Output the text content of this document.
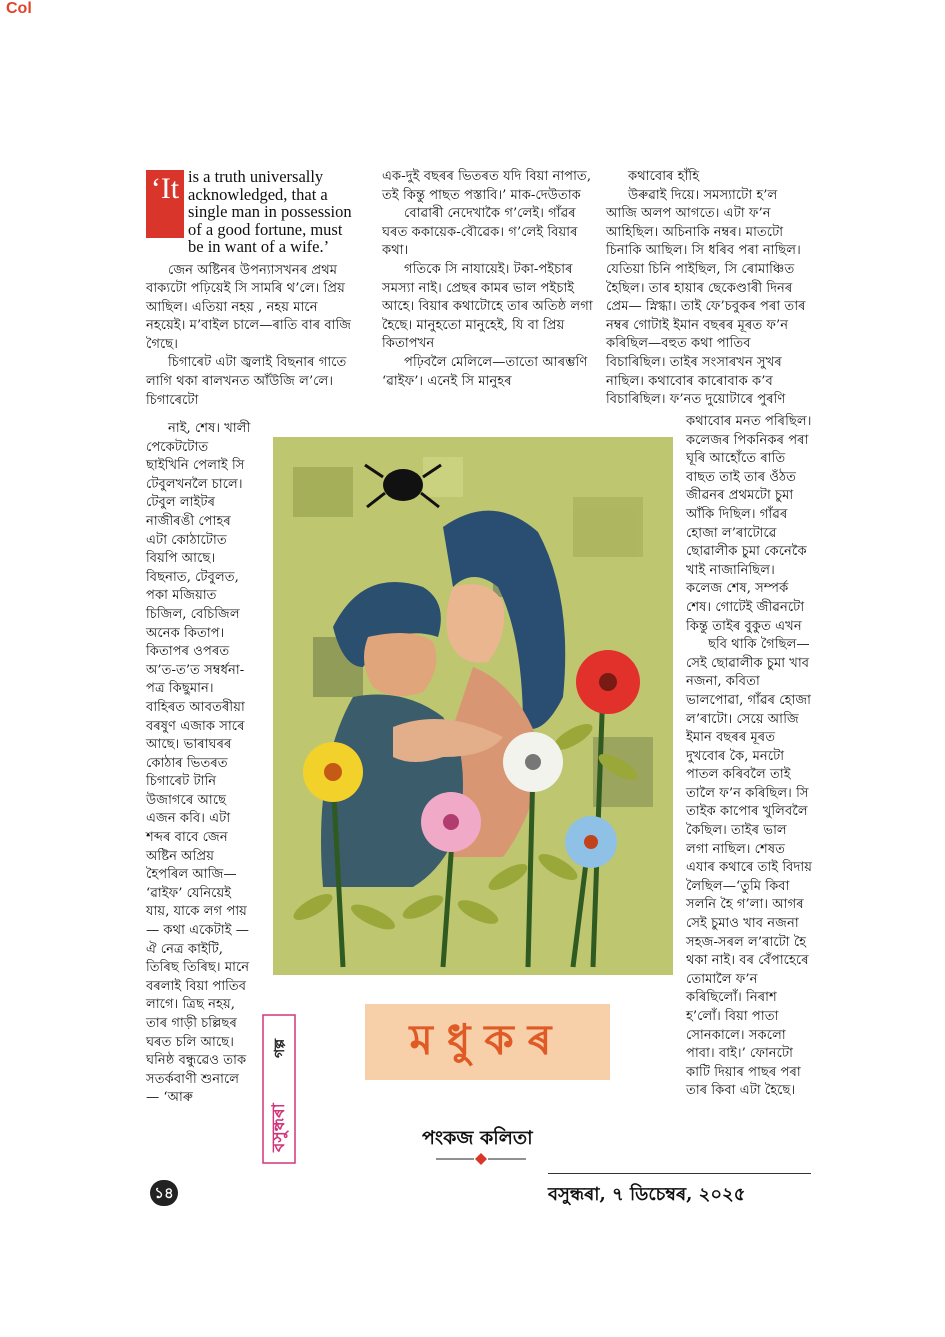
Col
‘It is a truth universally acknowledged, that a single man in possession of a good fortune, must be in want of a wife.’

জেন অষ্টিনৰ উপন্যাসখনৰ প্ৰথম বাক্যটো পঢ়িয়েই সি সামৰি থ’লে। প্ৰিয় আছিল। এতিয়া নহয় , নহয় মানে নহয়েই। ম’বাইল চালে—ৰাতি বাৰ বাজি গৈছে।

চিগাৰেট এটা জ্বলাই বিছনাৰ গাতে লাগি থকা ৰালখনত আঁউজি ল’লে। চিগাৰেটো

নাই, শেষ। খালী পেকেটটোত ছাইখিনি পেলাই সি টেবুলখনলৈ চালে। টেবুল লাইটৰ নাজীৰঙী পোহৰ এটা কোঠাটোত বিয়পি আছে। বিছনাত, টেবুলত, পকা মজিয়াত চিজিল, বেচিজিল অনেক কিতাপ। কিতাপৰ ওপৰত অ’ত-ত’ত সম্বৰ্ধনা-পত্ৰ কিছুমান। বাহিৰত আবতৰীয়া বৰষুণ এজাক সাৰে আছে। ভাৰাঘৰৰ কোঠাৰ ভিতৰত চিগাৰেট টানি উজাগৰে আছে এজন কবি। এটা শব্দৰ বাবে জেন অষ্টিন অপ্ৰিয় হৈপৰিল আজি— ‘ৱাইফ’ যেনিয়েই যায়, যাকে লগ পায়— কথা একেটাই — ঐ নেত্ৰ কাইটি, তিৰিছ তিৰিছ। মানে বৰলাই বিয়া পাতিব লাগে। ত্ৰিছ নহয়, তাৰ গাড়ী চল্লিছৰ ঘৰত চলি আছে। ঘনিষ্ঠ বন্ধুৱেও তাক সতৰ্কবাণী শুনালে— ‘আৰু

এক-দুই বছৰৰ ভিতৰত যদি বিয়া নাপাত, তই কিন্তু পাছত পস্তাবি।’ মাক-দেউতাক

বোৱাৰী নেদেখাকৈ গ’লেই। গাঁৱৰ ঘৰত ককায়েক-বৌৱেক। গ’লেই বিয়াৰ কথা।

গতিকে সি নাযায়েই। টকা-পইচাৰ সমস্যা নাই। প্ৰেছৰ কামৰ ভাল পইচাই আহে। বিয়াৰ কথাটোহে তাৰ অতিষ্ঠ লগা হৈছে। মানুহতো মানুহেই, যি বা প্ৰিয় কিতাপখন

পঢ়িবলৈ মেলিলে—তাতো আৰম্ভণি ‘ৱাইফ’। এনেই সি মানুহৰ

কথাবোৰ হাঁহি

উৰুৱাই দিয়ে। সমস্যাটো হ’ল আজি অলপ আগতে। এটা ফ’ন আহিছিল। অচিনাকি নম্বৰ। মাতটো চিনাকি আছিল। সি ধৰিব পৰা নাছিল। যেতিয়া চিনি পাইছিল, সি ৰোমাঞ্চিত হৈছিল। তাৰ হায়াৰ ছেকেণ্ডাৰী দিনৰ প্ৰেম— স্নিগ্ধা। তাই ফে’চবুকৰ পৰা তাৰ নম্বৰ গোটাই ইমান বছৰৰ মূৰত ফ’ন কৰিছিল—বহুত কথা পাতিব বিচাৰিছিল। তাইৰ সংসাৰখন সুখৰ নাছিল। কথাবোৰ কাৰোবাক ক’ব বিচাৰিছিল। ফ’নত দুয়োটাৰে পুৰণি

কথাবোৰ মনত পৰিছিল। কলেজৰ পিকনিকৰ পৰা ঘূৰি আহোঁতে ৰাতি বাছত তাই তাৰ ওঁঠত জীৱনৰ প্ৰথমটো চুমা আঁকি দিছিল। গাঁৱৰ হোজা ল’ৰাটোৱে ছোৱালীক চুমা কেনেকৈ খাই নাজানিছিল। কলেজ শেষ, সম্পৰ্ক শেষ। গোটেই জীৱনটো কিন্তু তাইৰ বুকুত এখন

ছবি থাকি গৈছিল— সেই ছোৱালীক চুমা খাব নজনা, কবিতা ভালপোৱা, গাঁৱৰ হোজা ল’ৰাটো। সেয়ে আজি ইমান বছৰৰ মূৰত দুখবোৰ কৈ, মনটো পাতল কৰিবলৈ তাই তালৈ ফ’ন কৰিছিল। সি তাইক কাপোৰ খুলিবলৈ কৈছিল। তাইৰ ভাল লগা নাছিল। শেষত এযাৰ কথাৰে তাই বিদায় লৈছিল—‘তুমি কিবা সলনি হৈ গ’লা। আগৰ সেই চুমাও খাব নজনা সহজ-সৰল ল’ৰাটো হৈ থকা নাই। বৰ বেঁপাহেৰে তোমালৈ ফ’ন কৰিছিলোঁ। নিৰাশ হ’লোঁ। বিয়া পাতা সোনকালে। সকলো পাবা। বাই।’ ফোনটো কাটি দিয়াৰ পাছৰ পৰা তাৰ কিবা এটা হৈছে।

মধুকৰ
বসুন্ধৰা
গল্প
পংকজ কলিতা
১৪	বসুন্ধৰা, ৭ ডিচেম্বৰ, ২০২৫
